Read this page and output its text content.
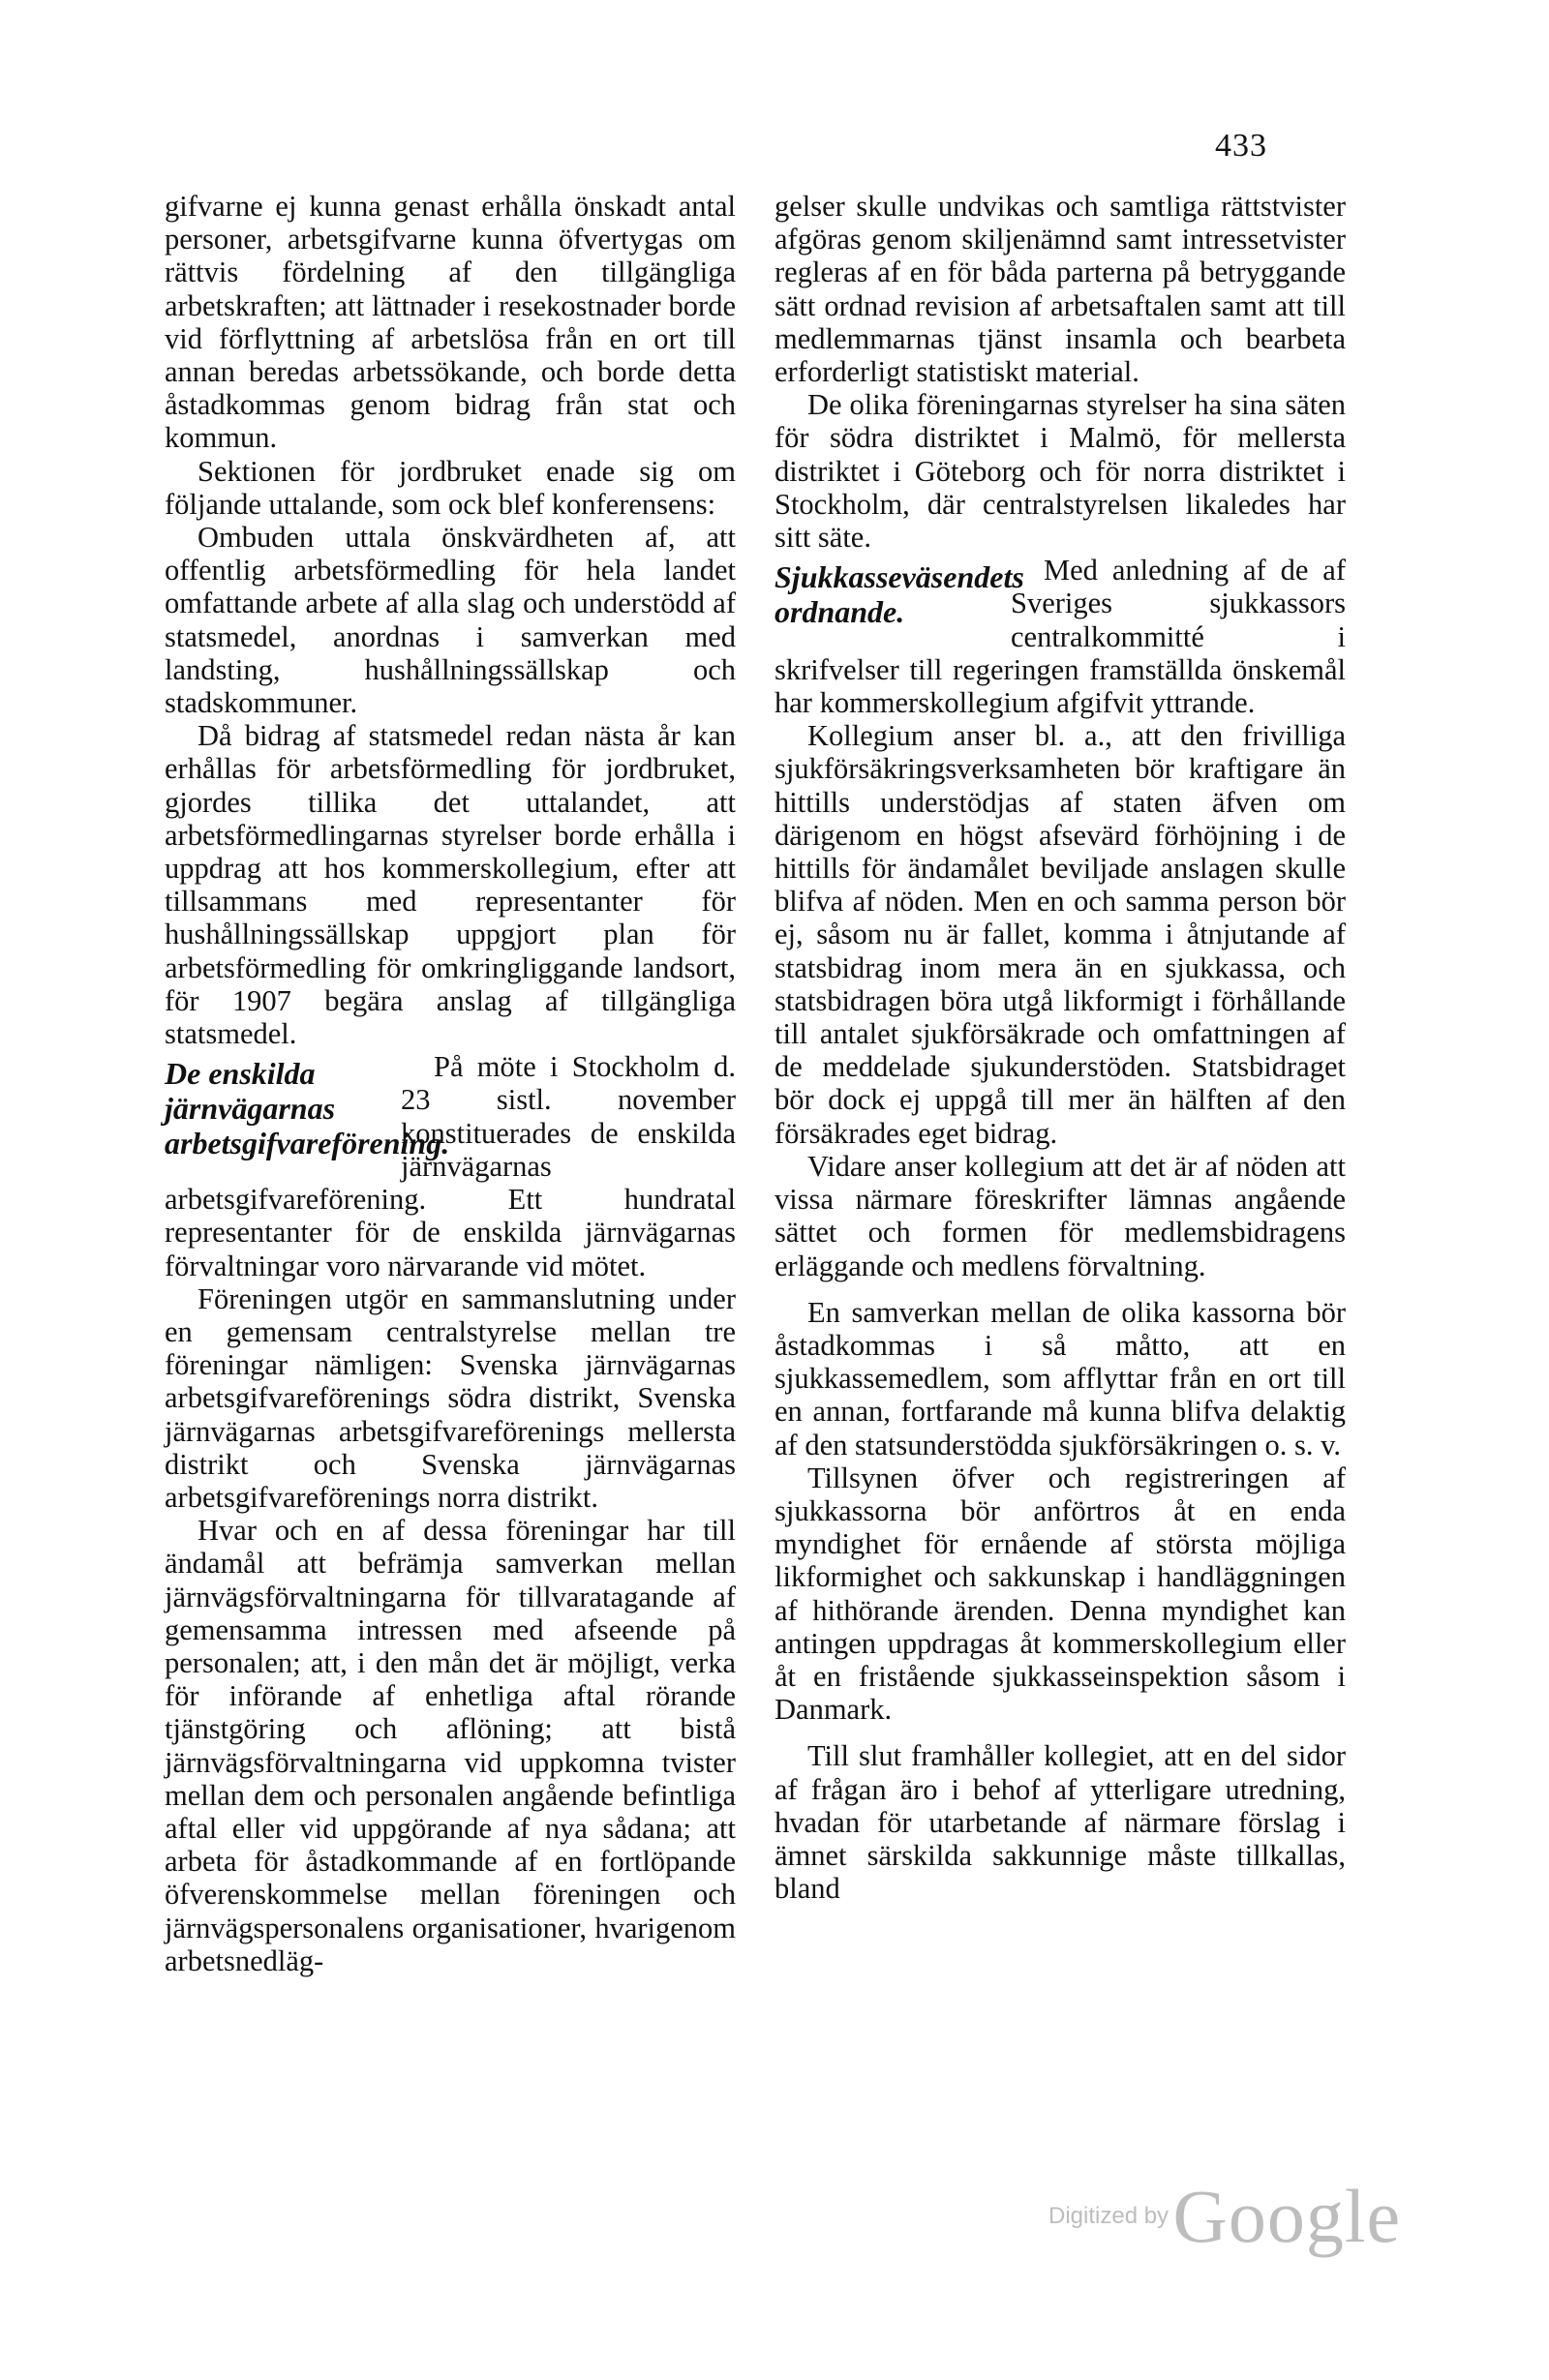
433

gifvarne ej kunna genast erhålla önskadt antal personer, arbetsgifvarne kunna öfvertygas om rättvis fördelning af den tillgängliga arbetskraften; att lättnader i resekostnader borde vid förflyttning af arbetslösa från en ort till annan beredas arbetssökande, och borde detta åstadkommas genom bidrag från stat och kommun.

Sektionen för jordbruket enade sig om följande uttalande, som ock blef konferensens:

Ombuden uttala önskvärdheten af, att offentlig arbetsförmedling för hela landet omfattande arbete af alla slag och understödd af statsmedel, anordnas i samverkan med landsting, hushållningssällskap och stadskommuner.

Då bidrag af statsmedel redan nästa år kan erhållas för arbetsförmedling för jordbruket, gjordes tillika det uttalandet, att arbetsförmedlingarnas styrelser borde erhålla i uppdrag att hos kommerskollegium, efter att tillsammans med representanter för hushållningssällskap uppgjort plan för arbetsförmedling för omkringliggande landsort, för 1907 begära anslag af tillgängliga statsmedel.

De enskilda järnvägarnas arbetsgifvareförening.

På möte i Stockholm d. 23 sistl. november konstituerades de enskilda järnvägarnas arbetsgifvareförening. Ett hundratal representanter för de enskilda järnvägarnas förvaltningar voro närvarande vid mötet.

Föreningen utgör en sammanslutning under en gemensam centralstyrelse mellan tre föreningar nämligen: Svenska järnvägarnas arbetsgifvareförenings södra distrikt, Svenska järnvägarnas arbetsgifvareförenings mellersta distrikt och Svenska järnvägarnas arbetsgifvareförenings norra distrikt.

Hvar och en af dessa föreningar har till ändamål att befrämja samverkan mellan järnvägsförvaltningarna för tillvaratagande af gemensamma intressen med afseende på personalen; att, i den mån det är möjligt, verka för införande af enhetliga aftal rörande tjänstgöring och aflöning; att bistå järnvägsförvaltningarna vid uppkomna tvister mellan dem och personalen angående befintliga aftal eller vid uppgörande af nya sådana; att arbeta för åstadkommande af en fortlöpande öfverenskommelse mellan föreningen och järnvägspersonalens organisationer, hvarigenom arbetsnedläg-

gelser skulle undvikas och samtliga rättstvister afgöras genom skiljenämnd samt intressetvister regleras af en för båda parterna på betryggande sätt ordnad revision af arbetsaftalen samt att till medlemmarnas tjänst insamla och bearbeta erforderligt statistiskt material.

De olika föreningarnas styrelser ha sina säten för södra distriktet i Malmö, för mellersta distriktet i Göteborg och för norra distriktet i Stockholm, där centralstyrelsen likaledes har sitt säte.

Sjukkasseväsendets ordnande.

Med anledning af de af Sveriges sjukkassors centralkommitté i skrifvelser till regeringen framställda önskemål har kommerskollegium afgifvit yttrande.

Kollegium anser bl. a., att den frivilliga sjukförsäkringsverksamheten bör kraftigare än hittills understödjas af staten äfven om därigenom en högst afsevärd förhöjning i de hittills för ändamålet beviljade anslagen skulle blifva af nöden. Men en och samma person bör ej, såsom nu är fallet, komma i åtnjutande af statsbidrag inom mera än en sjukkassa, och statsbidragen böra utgå likformigt i förhållande till antalet sjukförsäkrade och omfattningen af de meddelade sjukunderstöden. Statsbidraget bör dock ej uppgå till mer än hälften af den försäkrades eget bidrag.

Vidare anser kollegium att det är af nöden att vissa närmare föreskrifter lämnas angående sättet och formen för medlemsbidragens erläggande och medlens förvaltning.

En samverkan mellan de olika kassorna bör åstadkommas i så måtto, att en sjukkassemedlem, som afflyttar från en ort till en annan, fortfarande må kunna blifva delaktig af den statsunderstödda sjukförsäkringen o. s. v.

Tillsynen öfver och registreringen af sjukkassorna bör anförtros åt en enda myndighet för ernående af största möjliga likformighet och sakkunskap i handläggningen af hithörande ärenden. Denna myndighet kan antingen uppdragas åt kommerskollegium eller åt en fristående sjukkasseinspektion såsom i Danmark.

Till slut framhåller kollegiet, att en del sidor af frågan äro i behof af ytterligare utredning, hvadan för utarbetande af närmare förslag i ämnet särskilda sakkunnige måste tillkallas, bland

Digitized by Google
